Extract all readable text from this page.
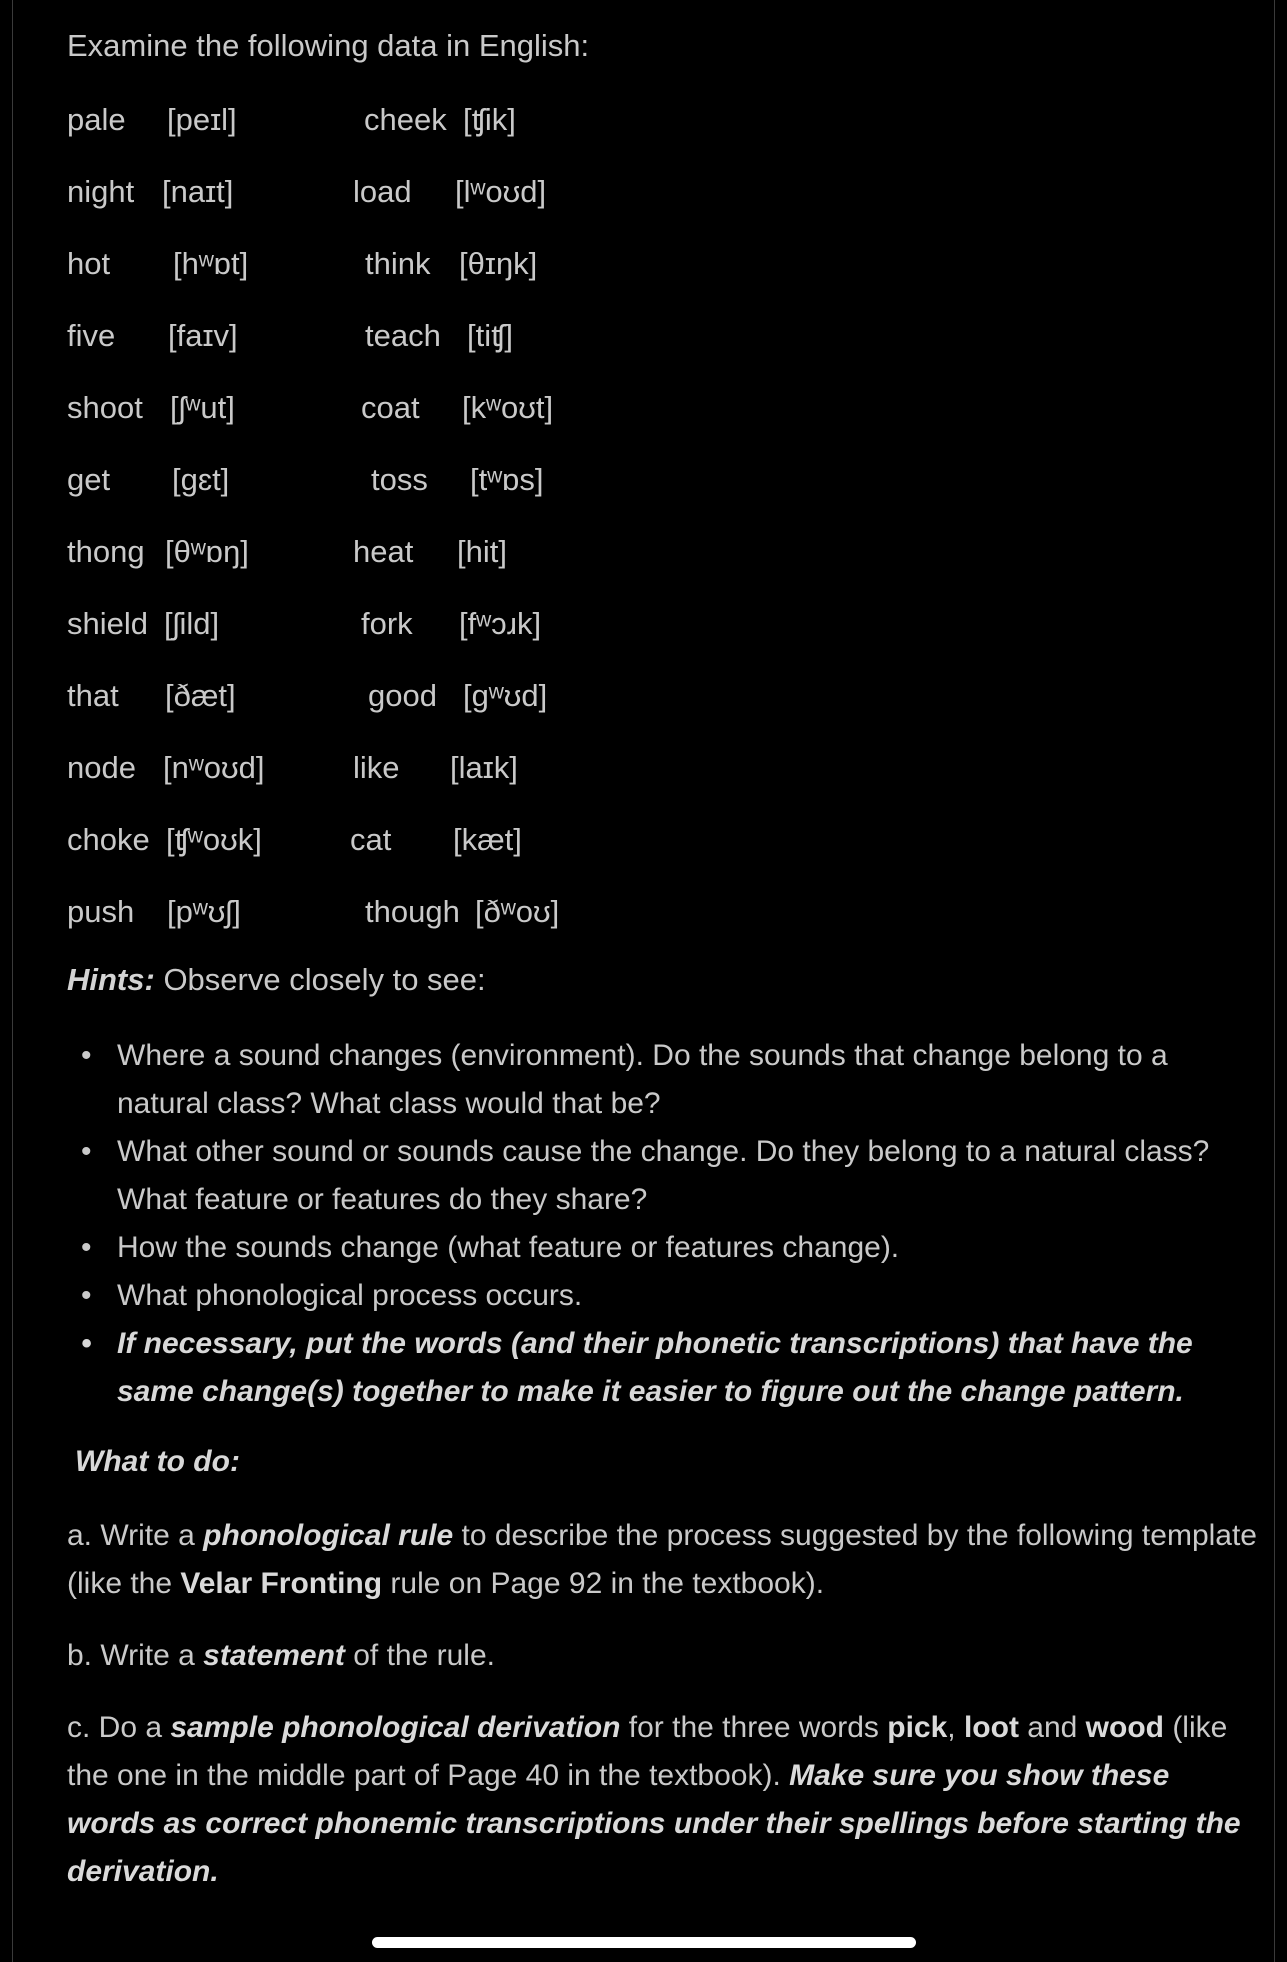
Examine the following data in English:
pale [peɪl]	cheek [ʧik]
night [naɪt]	load [lʷoʊd]
hot [hʷɒt]	think [θɪŋk]
five [faɪv]	teach [tiʧ]
shoot [ʃʷut]	coat [kʷoʊt]
get [gɛt]	toss [tʷɒs]
thong [θʷɒŋ]	heat [hit]
shield [ʃild]	fork [fʷɔɹk]
that [ðæt]	good [gʷʊd]
node [nʷoʊd]	like [laɪk]
choke [ʧʷoʊk]	cat [kæt]
push [pʷʊʃ]	though [ðʷoʊ]

Hints: Observe closely to see:

• Where a sound changes (environment). Do the sounds that change belong to a natural class? What class would that be?
• What other sound or sounds cause the change. Do they belong to a natural class? What feature or features do they share?
• How the sounds change (what feature or features change).
• What phonological process occurs.
• If necessary, put the words (and their phonetic transcriptions) that have the same change(s) together to make it easier to figure out the change pattern.
What to do:

a. Write a phonological rule to describe the process suggested by the following template (like the Velar Fronting rule on Page 92 in the textbook).

b. Write a statement of the rule.

c. Do a sample phonological derivation for the three words pick, loot and wood (like the one in the middle part of Page 40 in the textbook). Make sure you show these words as correct phonemic transcriptions under their spellings before starting the derivation.
